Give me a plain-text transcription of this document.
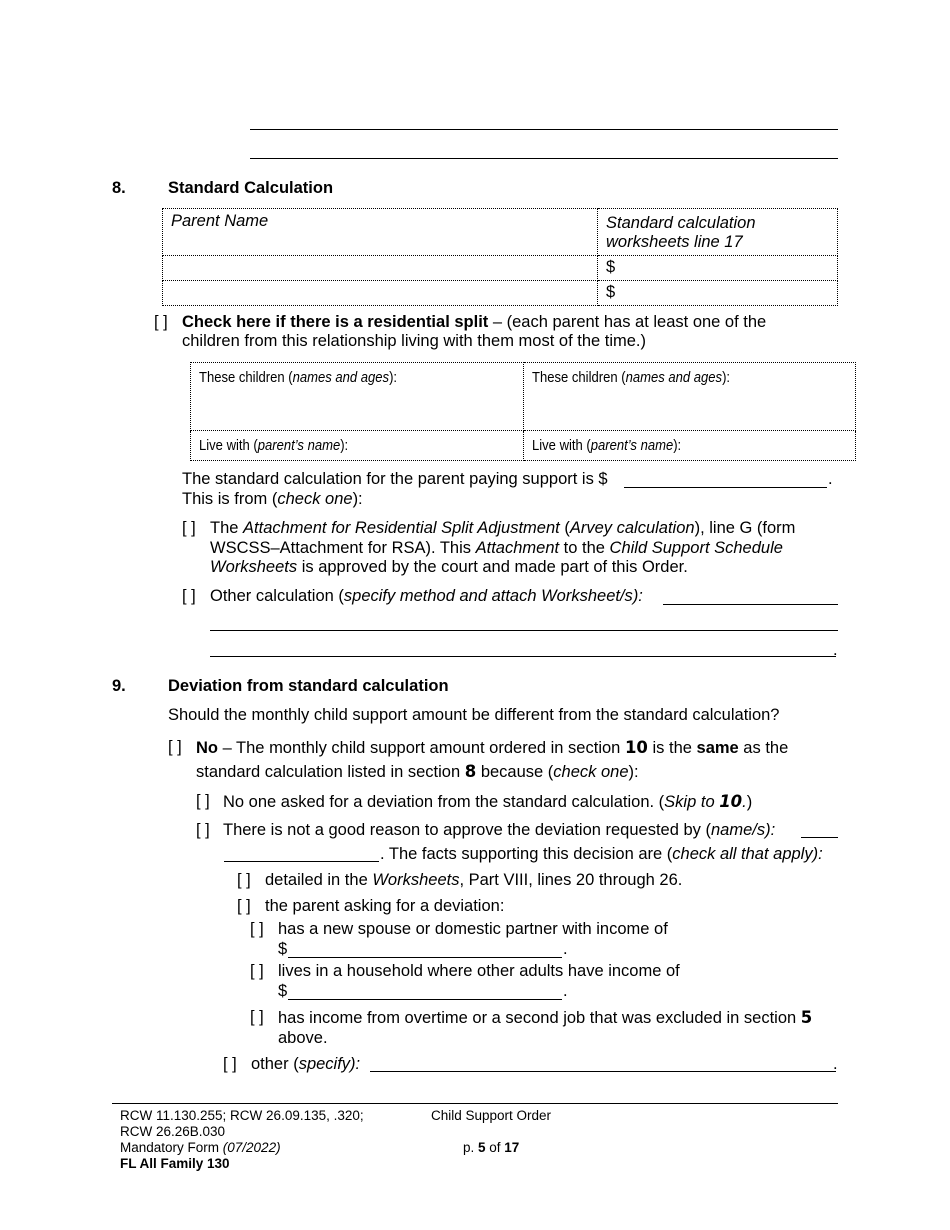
8.	Standard Calculation
Parent Name	Standard calculation
worksheets line 17
	$
	$
[ ] Check here if there is a residential split – (each parent has at least one of the
children from this relationship living with them most of the time.)
These children (names and ages):	These children (names and ages):
Live with (parent’s name):	Live with (parent’s name):
The standard calculation for the parent paying support is $	.
This is from (check one):
[ ] The Attachment for Residential Split Adjustment (Arvey calculation), line G (form
WSCSS–Attachment for RSA). This Attachment to the Child Support Schedule
Worksheets is approved by the court and made part of this Order.
[ ] Other calculation (specify method and attach Worksheet/s):
.
9.	Deviation from standard calculation
Should the monthly child support amount be different from the standard calculation?
[ ] No – The monthly child support amount ordered in section 10 is the same as the
standard calculation listed in section 8 because (check one):
[ ] No one asked for a deviation from the standard calculation. (Skip to 10.)
[ ] There is not a good reason to approve the deviation requested by (name/s):
. The facts supporting this decision are (check all that apply):
[ ] detailed in the Worksheets, Part VIII, lines 20 through 26.
[ ] the parent asking for a deviation:
[ ] has a new spouse or domestic partner with income of
$	.
[ ] lives in a household where other adults have income of
$	.
[ ] has income from overtime or a second job that was excluded in section 5
above.
[ ] other (specify):	.
RCW 11.130.255; RCW 26.09.135, .320;
RCW 26.26B.030
Mandatory Form (07/2022)
FL All Family 130
Child Support Order
p. 5 of 17
